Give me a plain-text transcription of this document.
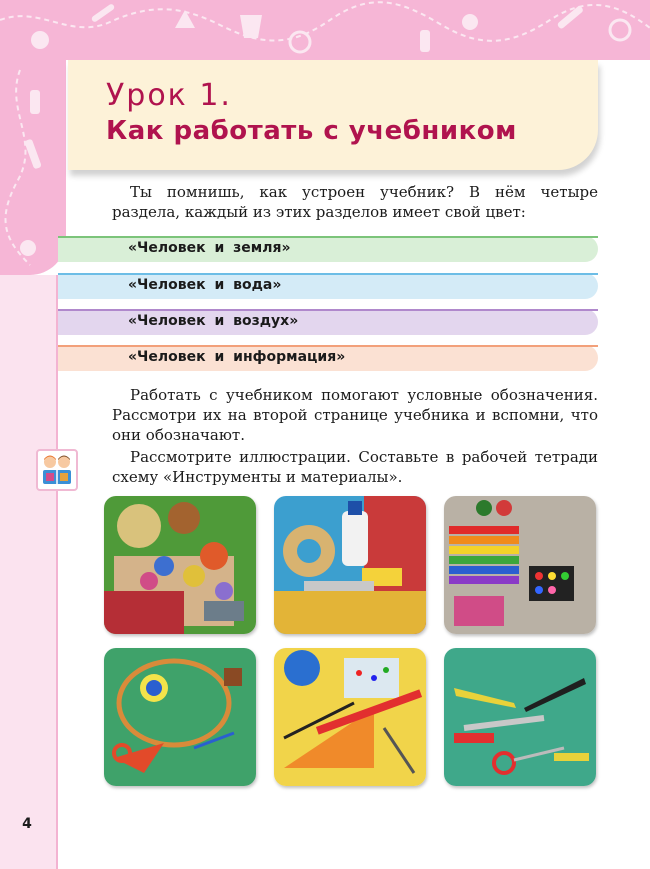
Урок 1.
Как работать с учебником
Ты помнишь, как устроен учебник? В нём четыре раздела, каждый из этих разделов имеет свой цвет:
«Человек и земля»
«Человек и вода»
«Человек и воздух»
«Человек и информация»
Работать с учебником помогают условные обозначения. Рассмотри их на второй странице учебника и вспомни, что они обозначают.
Рассмотрите иллюстрации. Составьте в рабочей тетради схему «Инструменты и материалы».
4
